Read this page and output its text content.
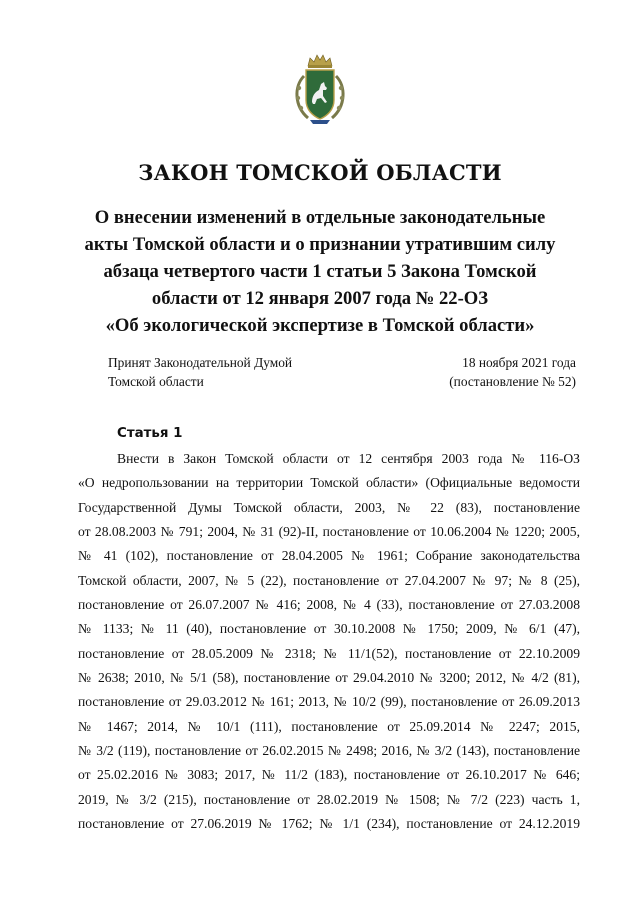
ЗАКОН ТОМСКОЙ ОБЛАСТИ
О внесении изменений в отдельные законодательные
акты Томской области и о признании утратившим силу
абзаца четвертого части 1 статьи 5 Закона Томской
области от 12 января 2007 года № 22-ОЗ
«Об экологической экспертизе в Томской области»
Принят Законодательной Думой
Томской области
18 ноября 2021 года
(постановление № 52)
Статья 1
Внести в Закон Томской области от 12 сентября 2003 года № 116-ОЗ
«О недропользовании на территории Томской области» (Официальные ведомости
Государственной Думы Томской области, 2003, № 22 (83), постановление
от 28.08.2003 № 791; 2004, № 31 (92)-II, постановление от 10.06.2004 № 1220; 2005,
№ 41 (102), постановление от 28.04.2005 № 1961; Собрание законодательства
Томской области, 2007, № 5 (22), постановление от 27.04.2007 № 97; № 8 (25),
постановление от 26.07.2007 № 416; 2008, № 4 (33), постановление от 27.03.2008
№ 1133; № 11 (40), постановление от 30.10.2008 № 1750; 2009, № 6/1 (47),
постановление от 28.05.2009 № 2318; № 11/1(52), постановление от 22.10.2009
№ 2638; 2010, № 5/1 (58), постановление от 29.04.2010 № 3200; 2012, № 4/2 (81),
постановление от 29.03.2012 № 161; 2013, № 10/2 (99), постановление от 26.09.2013
№ 1467; 2014, № 10/1 (111), постановление от 25.09.2014 № 2247; 2015,
№ 3/2 (119), постановление от 26.02.2015 № 2498; 2016, № 3/2 (143), постановление
от 25.02.2016 № 3083; 2017, № 11/2 (183), постановление от 26.10.2017 № 646;
2019, № 3/2 (215), постановление от 28.02.2019 № 1508; № 7/2 (223) часть 1,
постановление от 27.06.2019 № 1762; № 1/1 (234), постановление от 24.12.2019
